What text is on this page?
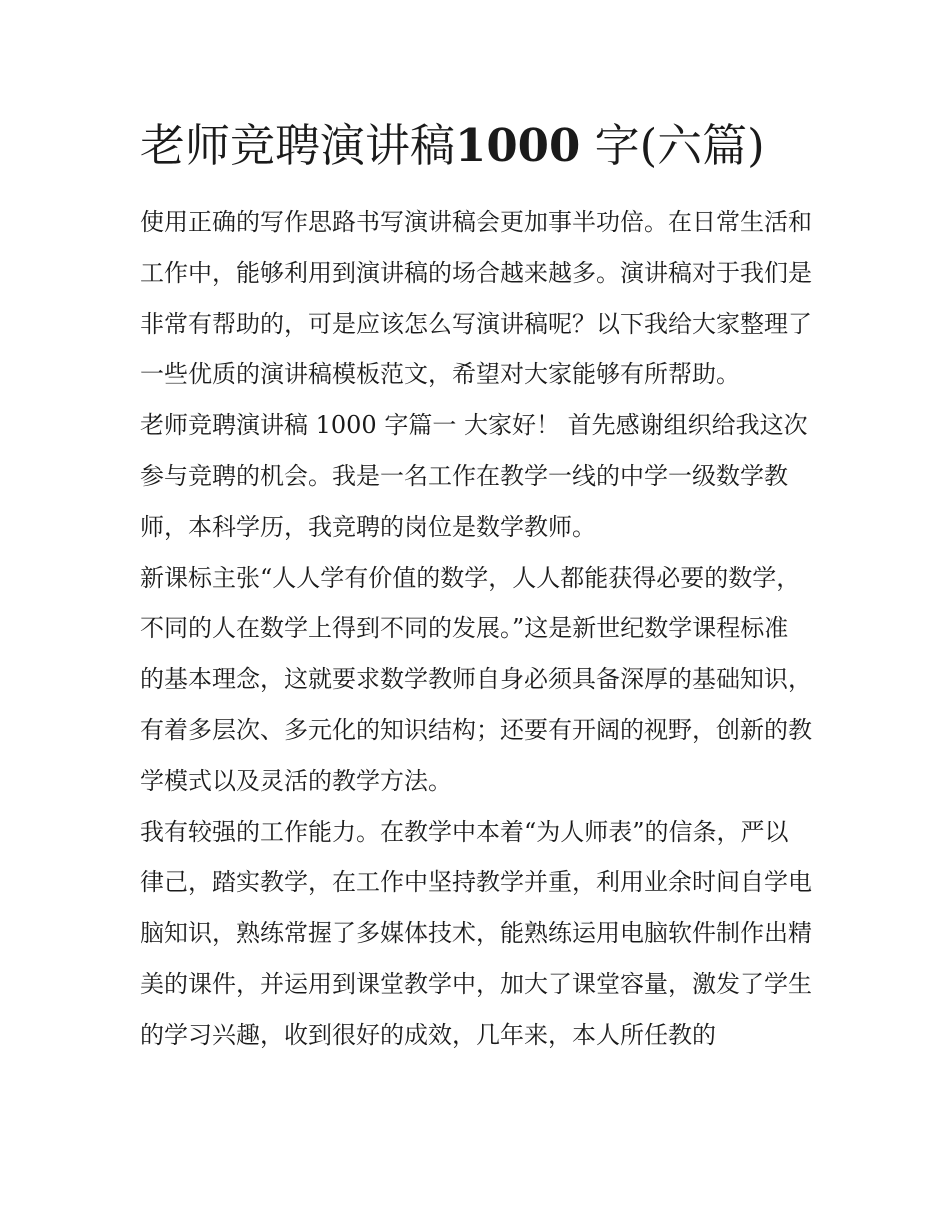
老师竞聘演讲稿1000 字(六篇)

使用正确的写作思路书写演讲稿会更加事半功倍。在日常生活和工作中，能够利用到演讲稿的场合越来越多。演讲稿对于我们是非常有帮助的，可是应该怎么写演讲稿呢？以下我给大家整理了一些优质的演讲稿模板范文，希望对大家能够有所帮助。

老师竞聘演讲稿 1000 字篇一 大家好！ 首先感谢组织给我这次参与竞聘的机会。我是一名工作在教学一线的中学一级数学教师，本科学历，我竞聘的岗位是数学教师。

新课标主张“人人学有价值的数学，人人都能获得必要的数学，不同的人在数学上得到不同的发展。”这是新世纪数学课程标准的基本理念，这就要求数学教师自身必须具备深厚的基础知识，有着多层次、多元化的知识结构；还要有开阔的视野，创新的教学模式以及灵活的教学方法。

我有较强的工作能力。在教学中本着“为人师表”的信条，严以律己，踏实教学，在工作中坚持教学并重，利用业余时间自学电脑知识，熟练常握了多媒体技术，能熟练运用电脑软件制作出精美的课件，并运用到课堂教学中，加大了课堂容量，激发了学生的学习兴趣，收到很好的成效，几年来，本人所任教的
